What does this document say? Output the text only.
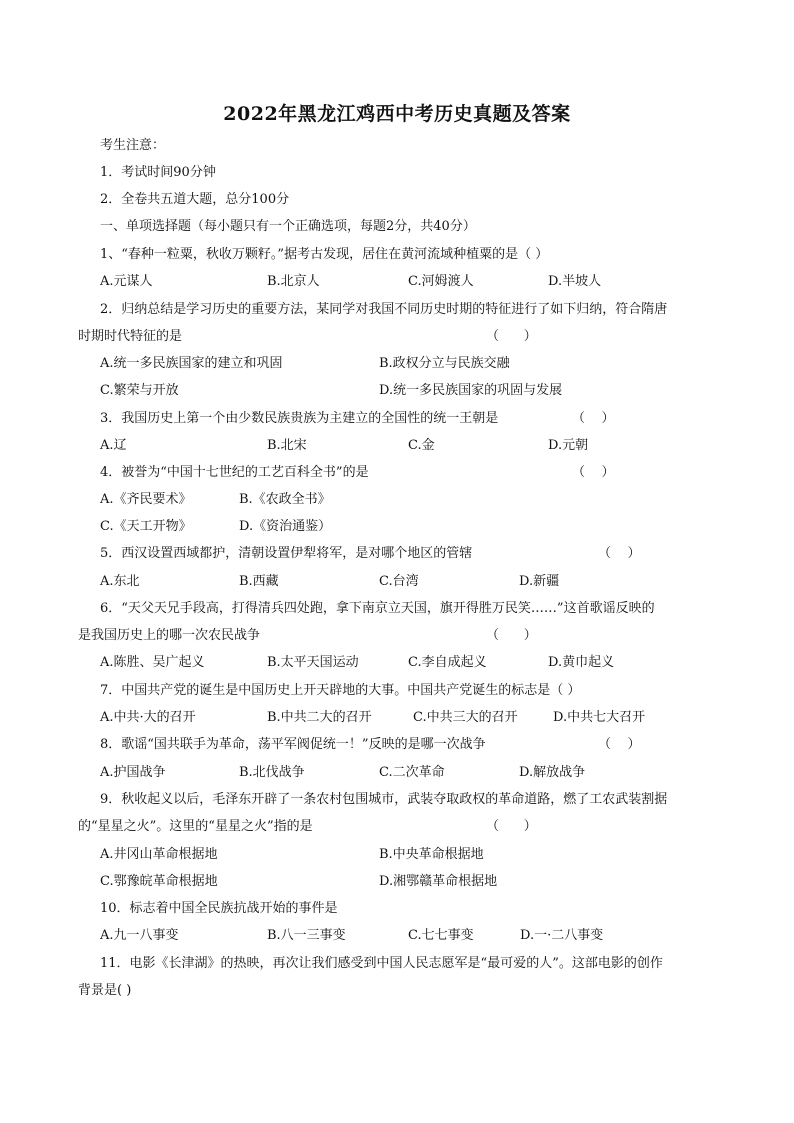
2022年黑龙江鸡西中考历史真题及答案
考生注意：
1．考试时间90分钟
2．全卷共五道大题，总分100分
一、单项选择题（每小题只有一个正确选项，每题2分，共40分）
1、“春种一粒粟，秋收万颗籽。”据考古发现，居住在黄河流域种植粟的是（ ）
A.元谋人	B.北京人	C.河姆渡人	D.半坡人
2．归纳总结是学习历史的重要方法，某同学对我国不同历史时期的特征进行了如下归纳，符合隋唐
时期时代特征的是	（      ）
A.统一多民族国家的建立和巩固	B.政权分立与民族交融
C.繁荣与开放	D.统一多民族国家的巩固与发展
3．我国历史上第一个由少数民族贵族为主建立的全国性的统一王朝是	（    ）
A.辽	B.北宋	C.金	D.元朝
4．被誉为“中国十七世纪的工艺百科全书”的是	（    ）
A.《齐民要术》	B.《农政全书》
C.《天工开物》	D.《资治通鉴）
5．西汉设置西域都护，清朝设置伊犁将军，是对哪个地区的管辖	（    ）
A.东北	B.西藏	C.台湾	D.新疆
6．“天父天兄手段高，打得清兵四处跑，拿下南京立天国，旗开得胜万民笑……”这首歌谣反映的
是我国历史上的哪一次农民战争	（      ）
A.陈胜、吴广起义	B.太平天国运动	C.李自成起义	D.黄巾起义
7．中国共产党的诞生是中国历史上开天辟地的大事。中国共产党诞生的标志是（ ）
A.中共·大的召开	B.中共二大的召开	C.中共三大的召开	D.中共七大召开
8．歌谣“国共联手为革命，荡平军阀促统一！”反映的是哪一次战争	（    ）
A.护国战争	B.北伐战争	C.二次革命	D.解放战争
9．秋收起义以后，毛泽东开辟了一条农村包围城市，武装夺取政权的革命道路，燃了工农武装割据
的“星星之火”。这里的“星星之火”指的是	（      ）
A.井冈山革命根据地	B.中央革命根据地
C.鄂豫皖革命根据地	D.湘鄂赣革命根据地
10．标志着中国全民族抗战开始的事件是
A.九一八事变	B.八一三事变	C.七七事变	D.一·二八事变
11．电影《长津湖》的热映，再次让我们感受到中国人民志愿军是“最可爱的人”。这部电影的创作
背景是( )
